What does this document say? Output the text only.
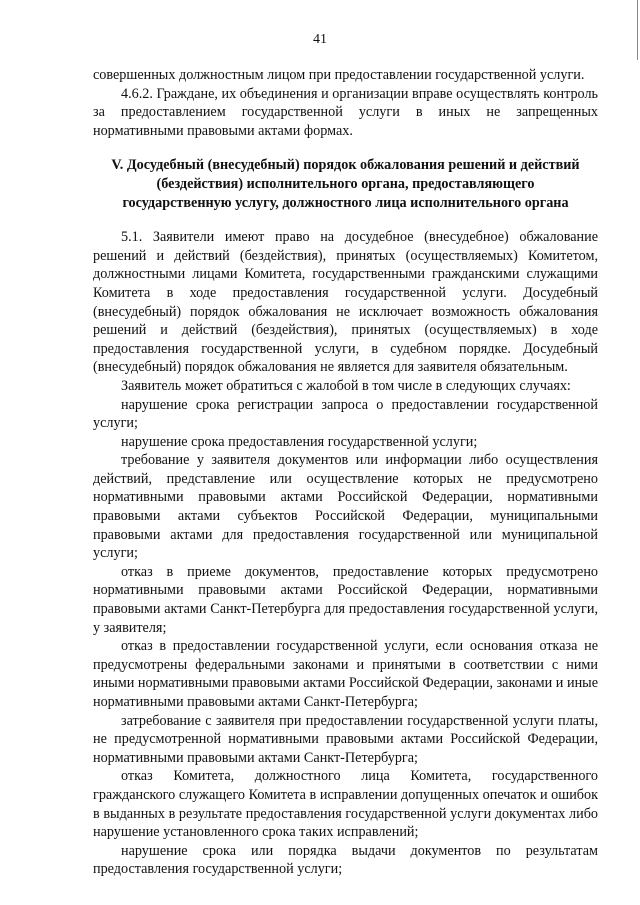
41

совершенных должностным лицом при предоставлении государственной услуги.

4.6.2. Граждане, их объединения и организации вправе осуществлять контроль за предоставлением государственной услуги в иных не запрещенных нормативными правовыми актами формах.

V. Досудебный (внесудебный) порядок обжалования решений и действий
(бездействия) исполнительного органа, предоставляющего
государственную услугу, должностного лица исполнительного органа

5.1. Заявители имеют право на досудебное (внесудебное) обжалование решений и действий (бездействия), принятых (осуществляемых) Комитетом, должностными лицами Комитета, государственными гражданскими служащими Комитета в ходе предоставления государственной услуги. Досудебный (внесудебный) порядок обжалования не исключает возможность обжалования решений и действий (бездействия), принятых (осуществляемых) в ходе предоставления государственной услуги, в судебном порядке. Досудебный (внесудебный) порядок обжалования не является для заявителя обязательным.

Заявитель может обратиться с жалобой в том числе в следующих случаях:

нарушение срока регистрации запроса о предоставлении государственной услуги;

нарушение срока предоставления государственной услуги;

требование у заявителя документов или информации либо осуществления действий, представление или осуществление которых не предусмотрено нормативными правовыми актами Российской Федерации, нормативными правовыми актами субъектов Российской Федерации, муниципальными правовыми актами для предоставления государственной или муниципальной услуги;

отказ в приеме документов, предоставление которых предусмотрено нормативными правовыми актами Российской Федерации, нормативными правовыми актами Санкт-Петербурга для предоставления государственной услуги, у заявителя;

отказ в предоставлении государственной услуги, если основания отказа не предусмотрены федеральными законами и принятыми в соответствии с ними иными нормативными правовыми актами Российской Федерации, законами и иные нормативными правовыми актами Санкт-Петербурга;

затребование с заявителя при предоставлении государственной услуги платы, не предусмотренной нормативными правовыми актами Российской Федерации, нормативными правовыми актами Санкт-Петербурга;

отказ Комитета, должностного лица Комитета, государственного гражданского служащего Комитета в исправлении допущенных опечаток и ошибок в выданных в результате предоставления государственной услуги документах либо нарушение установленного срока таких исправлений;

нарушение срока или порядка выдачи документов по результатам предоставления государственной услуги;
